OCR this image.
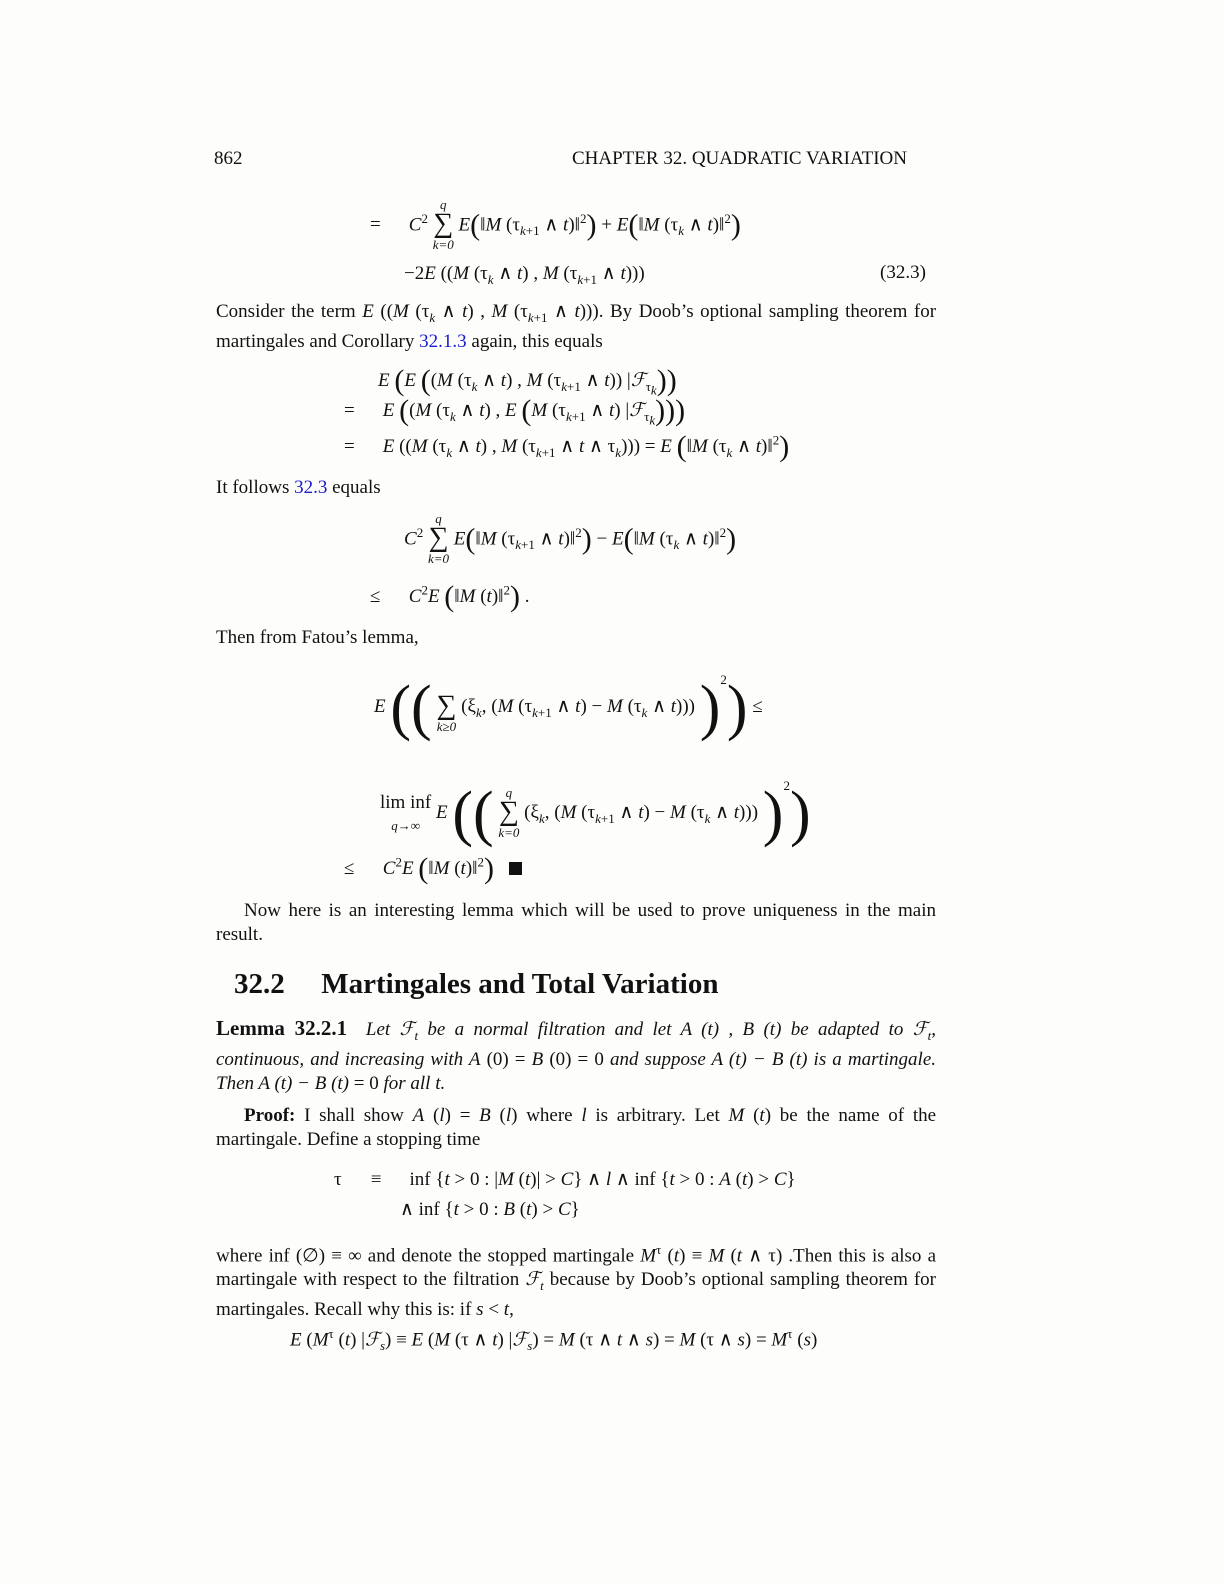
862	CHAPTER 32. QUADRATIC VARIATION
= $C^2$
q
∑
k=0
E(‖M ($\tau_{k+1}$ ∧ t)‖$^2$) + E(‖M ($\tau_k$ ∧ t)‖$^2$)
−2E ((M ($\tau_k$ ∧ t) , M ($\tau_{k+1}$ ∧ t)))	(32.3)
Consider the term E ((M ($\tau_k$ ∧ t) , M ($\tau_{k+1}$ ∧ t))). By Doob’s optional sampling theorem for martingales and Corollary 32.1.3 again, this equals
E (E ((M ($\tau_k$ ∧ t) , M ($\tau_{k+1}$ ∧ t)) |ℱ$_{\tau_k}$))
= E ((M ($\tau_k$ ∧ t) , E (M ($\tau_{k+1}$ ∧ t) |ℱ$_{\tau_k}$)))
= E ((M ($\tau_k$ ∧ t) , M ($\tau_{k+1}$ ∧ t ∧ $\tau_k))) = E$ (‖M ($\tau_k$ ∧ t)‖$^2$)
It follows 32.3 equals
$C^2$
q
∑
k=0
E(‖M ($\tau_{k+1}$ ∧ t)‖$^2$) − E(‖M ($\tau_k$ ∧ t)‖$^2$)
≤ $C^2E$ (‖M (t)‖$^2$) .
Then from Fatou’s lemma,
E ((
∑
k≥0
($\xi_k$, (M ($\tau_{k+1}$ ∧ t) − M ($\tau_k$ ∧ t))) )$^2$) ≤
lim inf
q→∞ E (( q
∑
k=0
($\xi_k$, (M ($\tau_{k+1}$ ∧ t) − M ($\tau_k$ ∧ t))) )$^2$)
≤ $C^2E$ (‖M (t)‖$^2$)
Now here is an interesting lemma which will be used to prove uniqueness in the main result.
32.2 Martingales and Total Variation
Lemma 32.2.1  Let ℱ$_t$ be a normal filtration and let A (t) , B (t) be adapted to ℱ$_t$, continuous, and increasing with A (0) = B (0) = 0 and suppose A (t) − B (t) is a martingale. Then A (t) − B (t) = 0 for all t.
Proof: I shall show A (l) = B (l) where l is arbitrary. Let M (t) be the name of the martingale. Define a stopping time
τ ≡ inf {t > 0 : |M (t)| > C} ∧ l ∧ inf {t > 0 : A (t) > C}
∧ inf {t > 0 : B (t) > C}
where inf (∅) ≡ ∞ and denote the stopped martingale $M^\tau$ (t) ≡ M (t ∧ τ) .Then this is also a martingale with respect to the filtration ℱ$_t$ because by Doob’s optional sampling theorem for martingales. Recall why this is: if s < t,
E ($M^\tau$ (t) |ℱ$_s$) ≡ E (M (τ ∧ t) |ℱ$_s$) = M (τ ∧ t ∧ s) = M (τ ∧ $s) = M^\tau$ (s)
